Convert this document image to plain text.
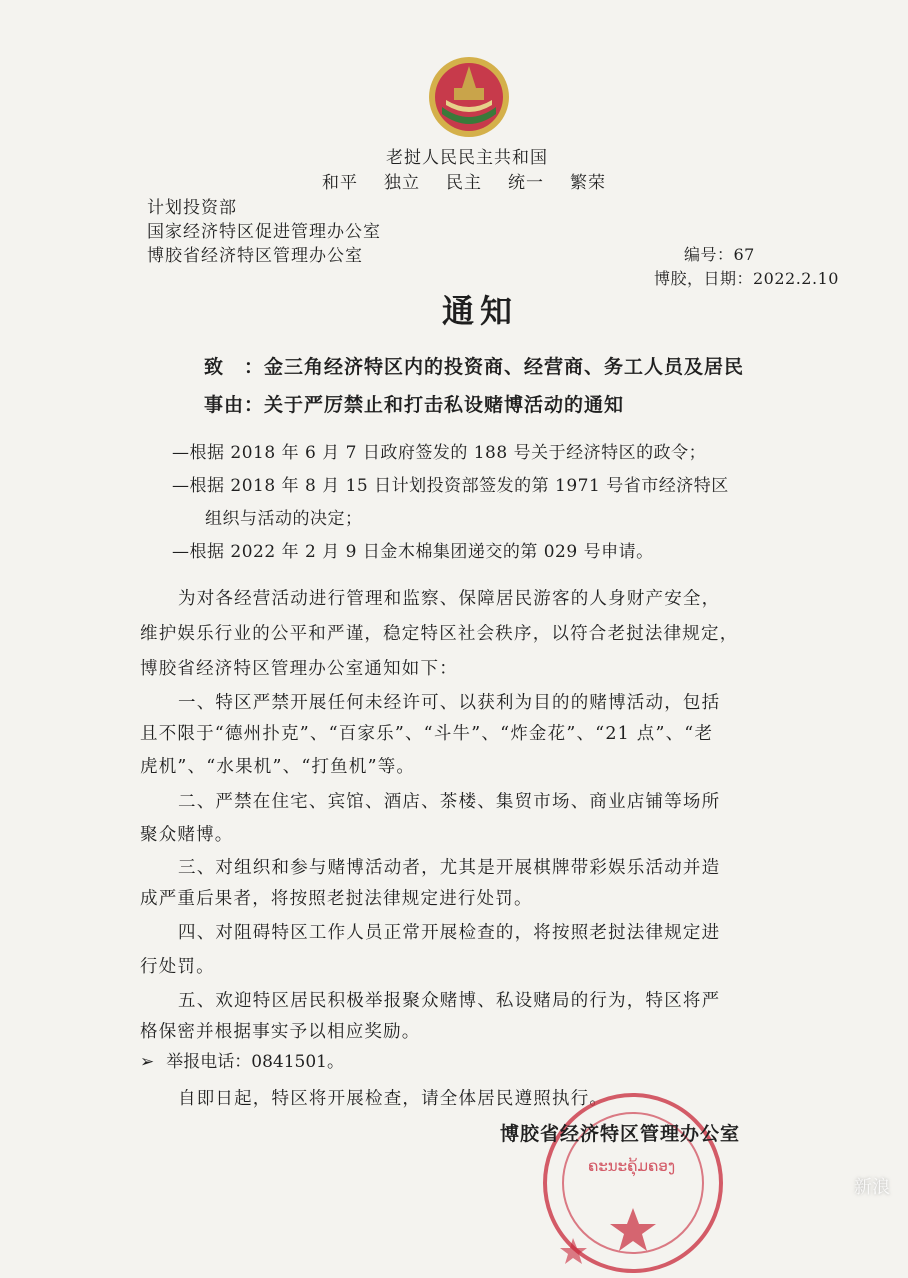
老挝人民民主共和国
和平 独立 民主 统一 繁荣
计划投资部
国家经济特区促进管理办公室
博胶省经济特区管理办公室	编号：67
博胶，日期：2022.2.10
通知
致　：金三角经济特区内的投资商、经营商、务工人员及居民
事由：关于严厉禁止和打击私设赌博活动的通知
—根据 2018 年 6 月 7 日政府签发的 188 号关于经济特区的政令；
—根据 2018 年 8 月 15 日计划投资部签发的第 1971 号省市经济特区
组织与活动的决定；
—根据 2022 年 2 月 9 日金木棉集团递交的第 029 号申请。
为对各经营活动进行管理和监察、保障居民游客的人身财产安全，
维护娱乐行业的公平和严谨，稳定特区社会秩序，以符合老挝法律规定，
博胶省经济特区管理办公室通知如下：
一、特区严禁开展任何未经许可、以获利为目的的赌博活动，包括
且不限于“德州扑克”、“百家乐”、“斗牛”、“炸金花”、“21 点”、“老
虎机”、“水果机”、“打鱼机”等。
二、严禁在住宅、宾馆、酒店、茶楼、集贸市场、商业店铺等场所
聚众赌博。
三、对组织和参与赌博活动者，尤其是开展棋牌带彩娱乐活动并造
成严重后果者，将按照老挝法律规定进行处罚。
四、对阻碍特区工作人员正常开展检查的，将按照老挝法律规定进
行处罚。
五、欢迎特区居民积极举报聚众赌博、私设赌局的行为，特区将严
格保密并根据事实予以相应奖励。
➢ 举报电话：0841501。
自即日起，特区将开展检查，请全体居民遵照执行。
ຄະນະຄຸ້ມຄອງ
博胶省经济特区管理办公室
新浪
